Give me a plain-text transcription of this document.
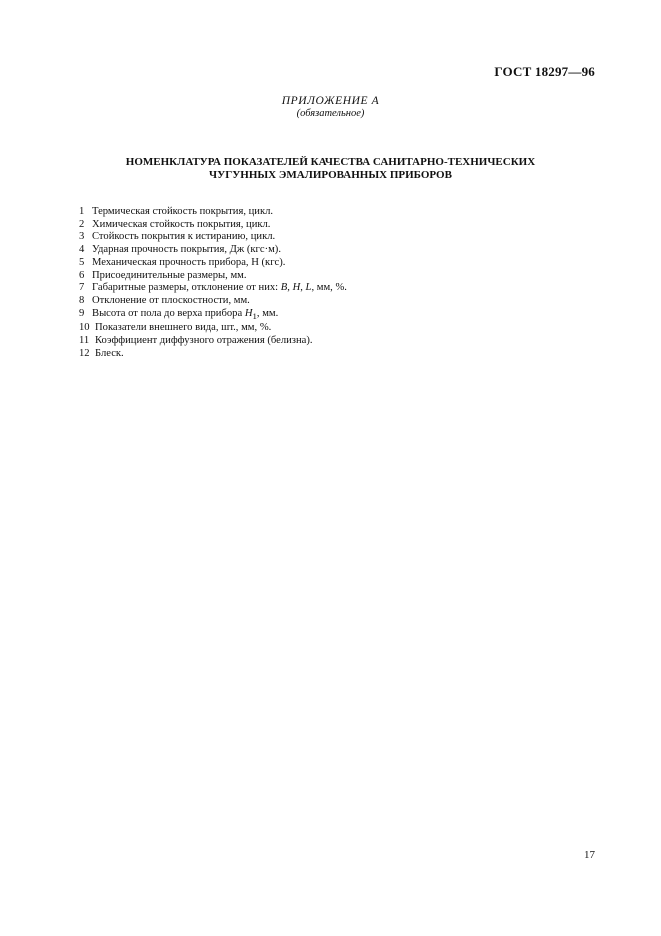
ГОСТ 18297—96
ПРИЛОЖЕНИЕ А
(обязательное)
НОМЕНКЛАТУРА ПОКАЗАТЕЛЕЙ КАЧЕСТВА САНИТАРНО-ТЕХНИЧЕСКИХ
ЧУГУННЫХ ЭМАЛИРОВАННЫХ ПРИБОРОВ
1 Термическая стойкость покрытия, цикл.
2 Химическая стойкость покрытия, цикл.
3 Стойкость покрытия к истиранию, цикл.
4 Ударная прочность покрытия, Дж (кгс·м).
5 Механическая прочность прибора, Н (кгс).
6 Присоединительные размеры, мм.
7 Габаритные размеры, отклонение от них: B, H, L, мм, %.
8 Отклонение от плоскостности, мм.
9 Высота от пола до верха прибора $H_1$, мм.
10 Показатели внешнего вида, шт., мм, %.
11 Коэффициент диффузного отражения (белизна).
12 Блеск.
17
